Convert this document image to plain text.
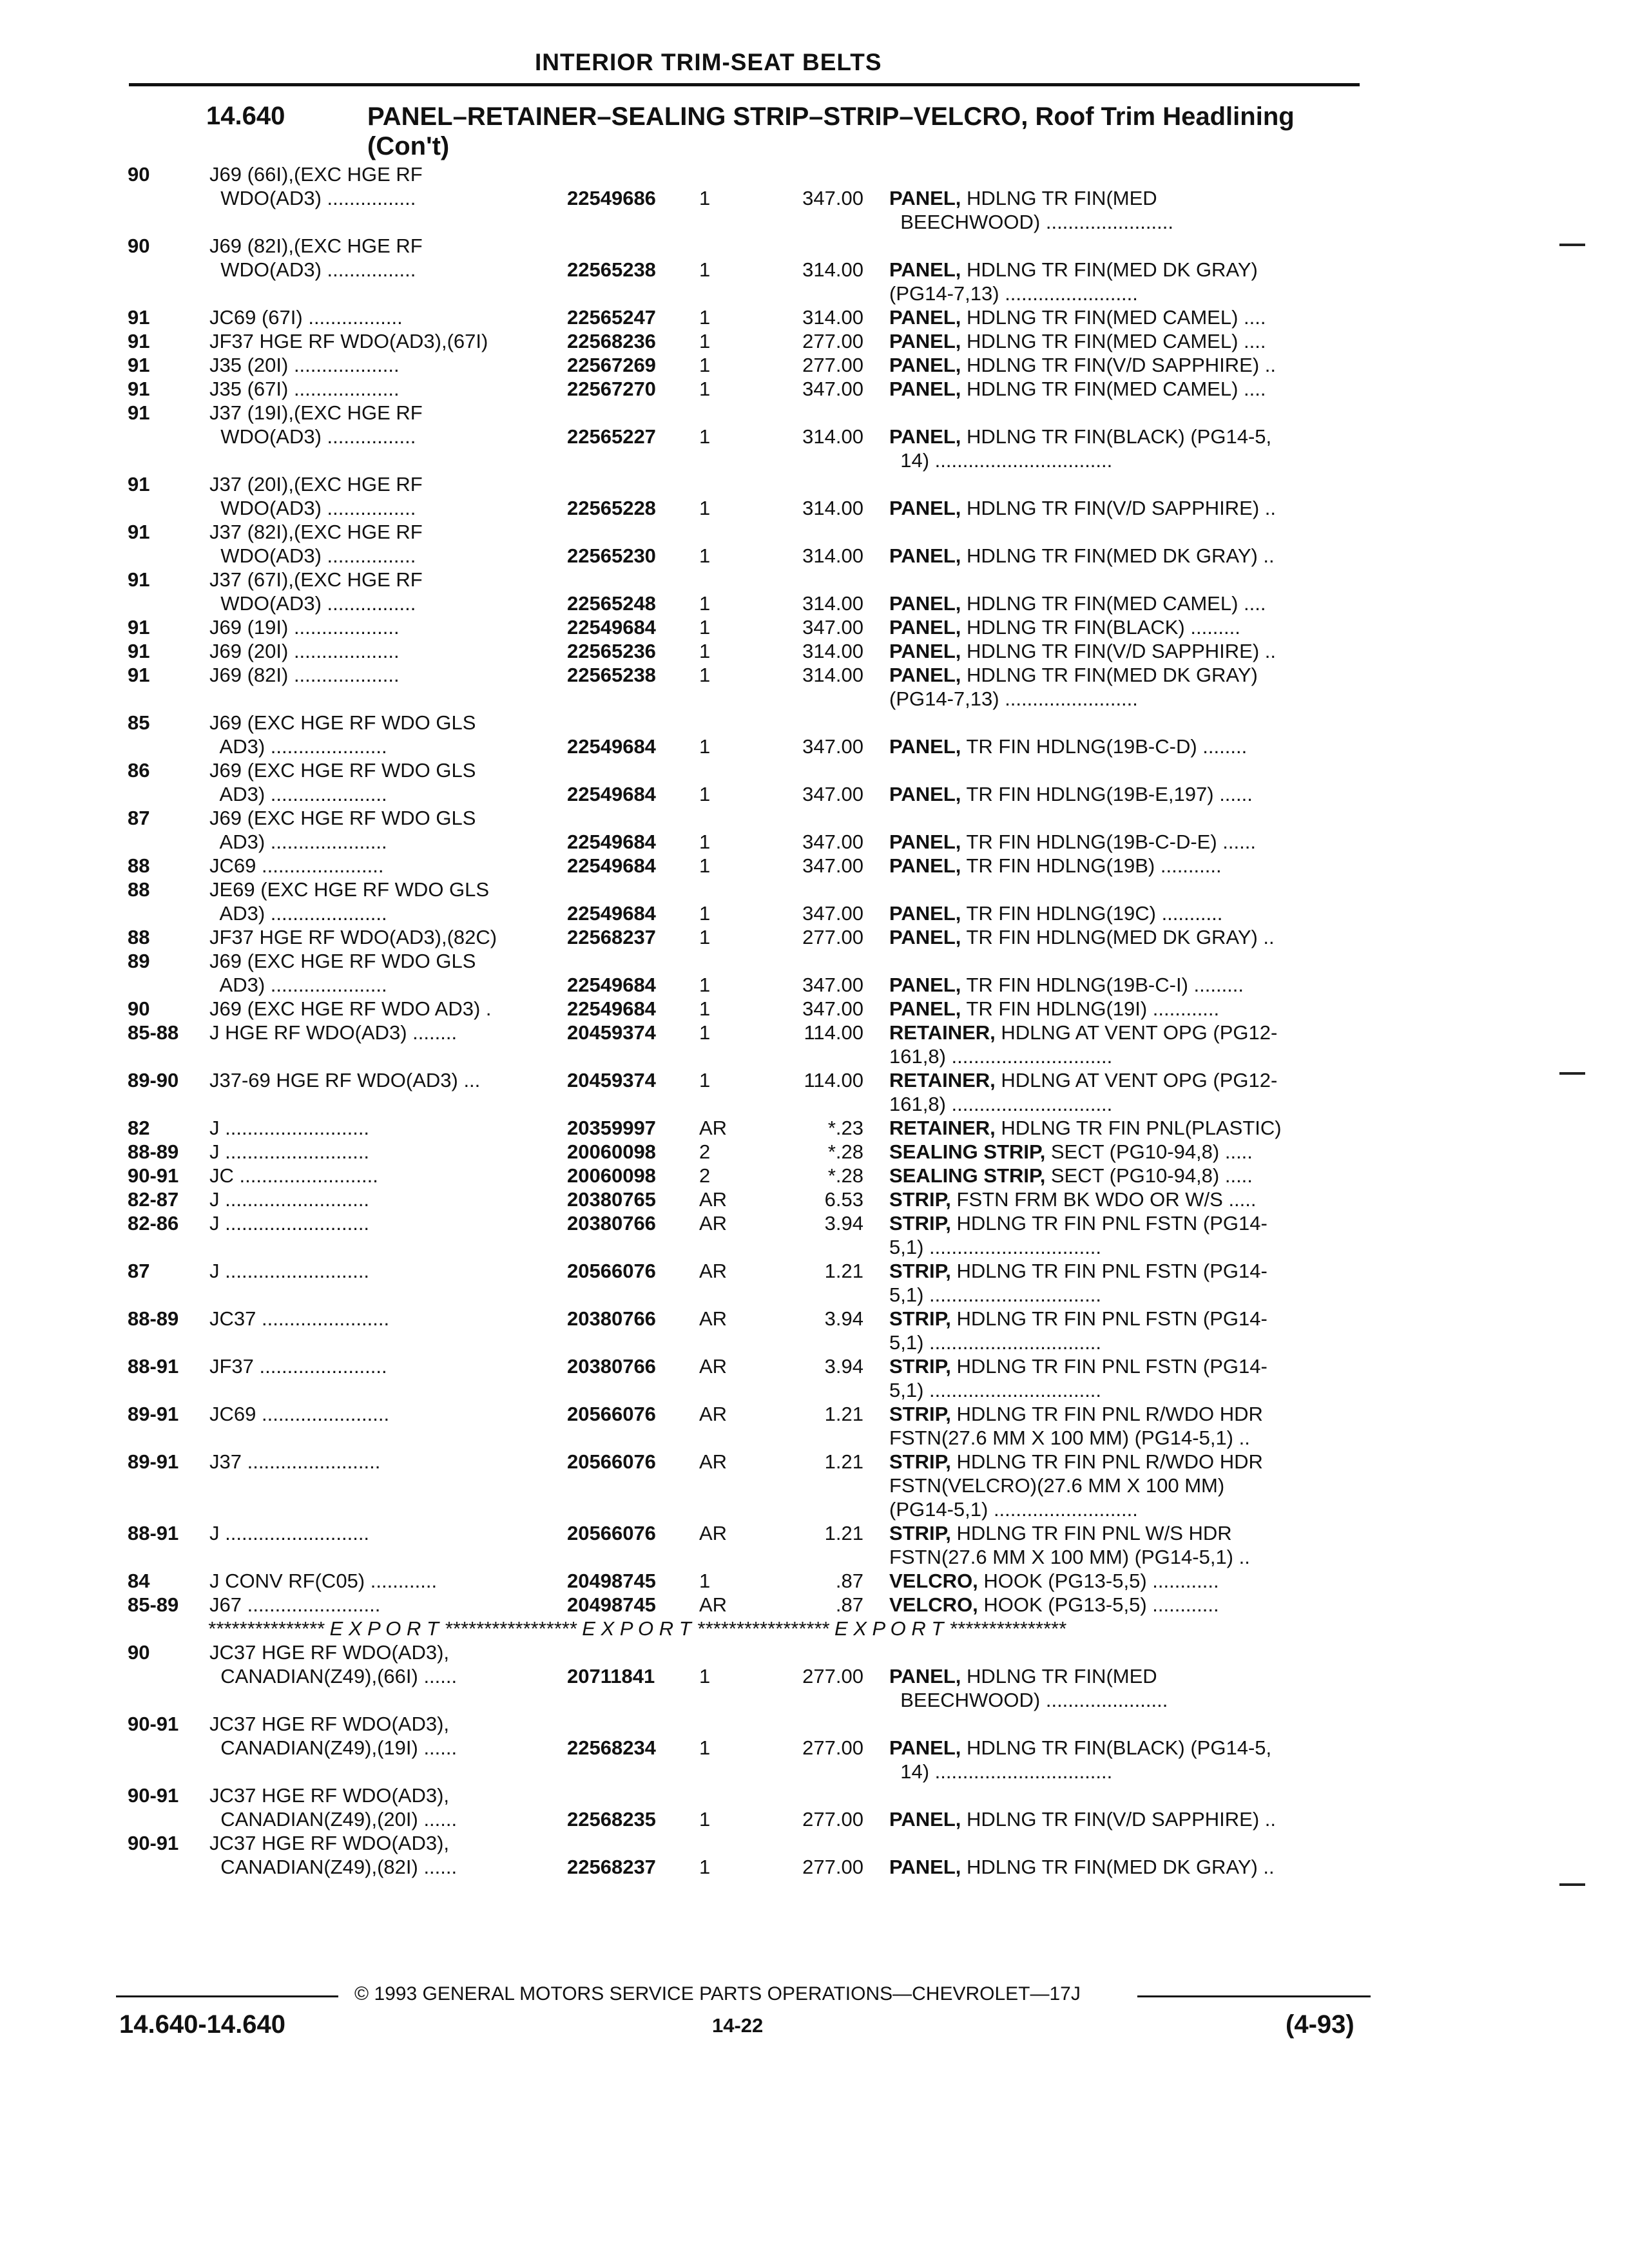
INTERIOR TRIM-SEAT BELTS
14.640	PANEL–RETAINER–SEALING STRIP–STRIP–VELCRO, Roof Trim Headlining (Con't)
90	J69 (66I),(EXC HGE RF
WDO(AD3) ................	22549686 1	347.00 PANEL, HDLNG TR FIN(MED
BEECHWOOD) .......................
90	J69 (82I),(EXC HGE RF
WDO(AD3) ................	22565238 1	314.00 PANEL, HDLNG TR FIN(MED DK GRAY)
(PG14-7,13) ........................
91	JC69 (67I) .................	22565247 1	314.00 PANEL, HDLNG TR FIN(MED CAMEL) ....
91	JF37 HGE RF WDO(AD3),(67I)	22568236 1	277.00 PANEL, HDLNG TR FIN(MED CAMEL) ....
91	J35 (20I) ...................	22567269 1	277.00 PANEL, HDLNG TR FIN(V/D SAPPHIRE) ..
91	J35 (67I) ...................	22567270 1	347.00 PANEL, HDLNG TR FIN(MED CAMEL) ....
91	J37 (19I),(EXC HGE RF
WDO(AD3) ................	22565227 1	314.00 PANEL, HDLNG TR FIN(BLACK) (PG14-5,
14) ................................
91	J37 (20I),(EXC HGE RF
WDO(AD3) ................	22565228 1	314.00 PANEL, HDLNG TR FIN(V/D SAPPHIRE) ..
91	J37 (82I),(EXC HGE RF
WDO(AD3) ................	22565230 1	314.00 PANEL, HDLNG TR FIN(MED DK GRAY) ..
91	J37 (67I),(EXC HGE RF
WDO(AD3) ................	22565248 1	314.00 PANEL, HDLNG TR FIN(MED CAMEL) ....
91	J69 (19I) ...................	22549684 1	347.00 PANEL, HDLNG TR FIN(BLACK) .........
91	J69 (20I) ...................	22565236 1	314.00 PANEL, HDLNG TR FIN(V/D SAPPHIRE) ..
91	J69 (82I) ...................	22565238 1	314.00 PANEL, HDLNG TR FIN(MED DK GRAY)
(PG14-7,13) ........................
85	J69 (EXC HGE RF WDO GLS
AD3) .....................	22549684 1	347.00 PANEL, TR FIN HDLNG(19B-C-D) ........
86	J69 (EXC HGE RF WDO GLS
AD3) .....................	22549684 1	347.00 PANEL, TR FIN HDLNG(19B-E,197) ......
87	J69 (EXC HGE RF WDO GLS
AD3) .....................	22549684 1	347.00 PANEL, TR FIN HDLNG(19B-C-D-E) ......
88	JC69 ......................	22549684 1	347.00 PANEL, TR FIN HDLNG(19B) ...........
88	JE69 (EXC HGE RF WDO GLS
AD3) .....................	22549684 1	347.00 PANEL, TR FIN HDLNG(19C) ...........
88	JF37 HGE RF WDO(AD3),(82C)	22568237 1	277.00 PANEL, TR FIN HDLNG(MED DK GRAY) ..
89	J69 (EXC HGE RF WDO GLS
AD3) .....................	22549684 1	347.00 PANEL, TR FIN HDLNG(19B-C-I) .........
90	J69 (EXC HGE RF WDO AD3) .	22549684 1	347.00 PANEL, TR FIN HDLNG(19I) ............
85-88 J HGE RF WDO(AD3) ........	20459374 1	114.00 RETAINER, HDLNG AT VENT OPG (PG12-
161,8) .............................
89-90 J37-69 HGE RF WDO(AD3) ...	20459374 1	114.00 RETAINER, HDLNG AT VENT OPG (PG12-
161,8) .............................
82	J ..........................	20359997 AR	*.23 RETAINER, HDLNG TR FIN PNL(PLASTIC)
88-89 J ..........................	20060098 2	*.28 SEALING STRIP, SECT (PG10-94,8) .....
90-91 JC .........................	20060098 2	*.28 SEALING STRIP, SECT (PG10-94,8) .....
82-87 J ..........................	20380765 AR	6.53 STRIP, FSTN FRM BK WDO OR W/S .....
82-86 J ..........................	20380766 AR	3.94 STRIP, HDLNG TR FIN PNL FSTN (PG14-
5,1) ...............................
87	J ..........................	20566076 AR	1.21 STRIP, HDLNG TR FIN PNL FSTN (PG14-
5,1) ...............................
88-89 JC37 .......................	20380766 AR	3.94 STRIP, HDLNG TR FIN PNL FSTN (PG14-
5,1) ...............................
88-91 JF37 .......................	20380766 AR	3.94 STRIP, HDLNG TR FIN PNL FSTN (PG14-
5,1) ...............................
89-91 JC69 .......................	20566076 AR	1.21 STRIP, HDLNG TR FIN PNL R/WDO HDR
FSTN(27.6 MM X 100 MM) (PG14-5,1) ..
89-91 J37 ........................	20566076 AR	1.21 STRIP, HDLNG TR FIN PNL R/WDO HDR
FSTN(VELCRO)(27.6 MM X 100 MM)
(PG14-5,1) ..........................
88-91 J ..........................	20566076 AR	1.21 STRIP, HDLNG TR FIN PNL W/S HDR
FSTN(27.6 MM X 100 MM) (PG14-5,1) ..
84	J CONV RF(C05) ............	20498745 1	.87 VELCRO, HOOK (PG13-5,5) ............
85-89 J67 ........................	20498745 AR	.87 VELCRO, HOOK (PG13-5,5) ............
*************** E X P O R T ***************** E X P O R T ***************** E X P O R T ***************
90	JC37 HGE RF WDO(AD3),
CANADIAN(Z49),(66I) ......	20711841 1	277.00 PANEL, HDLNG TR FIN(MED
BEECHWOOD) ......................
90-91 JC37 HGE RF WDO(AD3),
CANADIAN(Z49),(19I) ......	22568234 1	277.00 PANEL, HDLNG TR FIN(BLACK) (PG14-5,
14) ................................
90-91 JC37 HGE RF WDO(AD3),
CANADIAN(Z49),(20I) ......	22568235 1	277.00 PANEL, HDLNG TR FIN(V/D SAPPHIRE) ..
90-91 JC37 HGE RF WDO(AD3),
CANADIAN(Z49),(82I) ......	22568237 1	277.00 PANEL, HDLNG TR FIN(MED DK GRAY) ..
© 1993 GENERAL MOTORS SERVICE PARTS OPERATIONS—CHEVROLET—17J
14.640-14.640	14-22	(4-93)
